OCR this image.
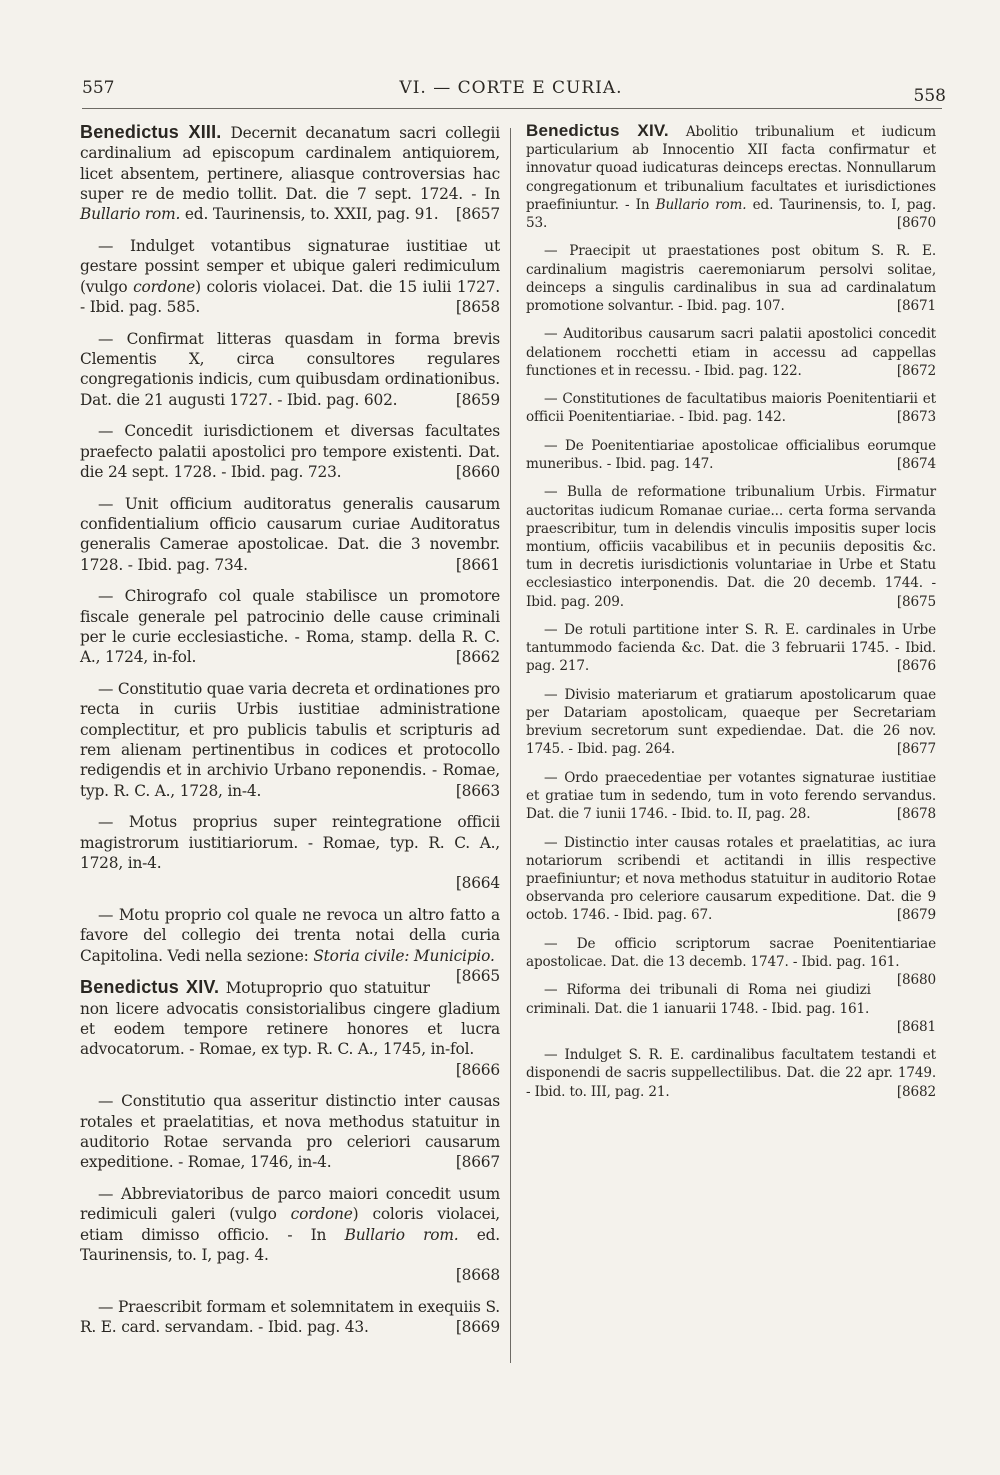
557	VI. — CORTE E CURIA.	558

Benedictus XIII. Decernit decanatum sacri collegii cardinalium ad episcopum cardinalem antiquiorem, licet absentem, pertinere, aliasque controversias hac super re de medio tollit. Dat. die 7 sept. 1724. - In Bullario rom. ed. Taurinensis, to. XXII, pag. 91. [8657

— Indulget votantibus signaturae iustitiae ut gestare possint semper et ubique galeri redimiculum (vulgo cordone) coloris violacei. Dat. die 15 iulii 1727. - Ibid. pag. 585.	[8658

— Confirmat litteras quasdam in forma brevis Clementis X, circa consultores regulares congregationis indicis, cum quibusdam ordinationibus. Dat. die 21 augusti 1727. - Ibid. pag. 602.	[8659

— Concedit iurisdictionem et diversas facultates praefecto palatii apostolici pro tempore existenti. Dat. die 24 sept. 1728. - Ibid. pag. 723.	[8660

— Unit officium auditoratus generalis causarum confidentialium officio causarum curiae Auditoratus generalis Camerae apostolicae. Dat. die 3 novembr. 1728. - Ibid. pag. 734.	[8661

— Chirografo col quale stabilisce un promotore fiscale generale pel patrocinio delle cause criminali per le curie ecclesiastiche. - Roma, stamp. della R. C. A., 1724, in-fol.	[8662

— Constitutio quae varia decreta et ordinationes pro recta in curiis Urbis iustitiae administratione complectitur, et pro publicis tabulis et scripturis ad rem alienam pertinentibus in codices et protocollo redigendis et in archivio Urbano reponendis. - Romae, typ. R. C. A., 1728, in-4.	[8663

— Motus proprius super reintegratione officii magistrorum iustitiariorum. - Romae, typ. R. C. A., 1728, in-4.
[8664

— Motu proprio col quale ne revoca un altro fatto a favore del collegio dei trenta notai della curia Capitolina. Vedi nella sezione: Storia civile: Municipio.
[8665

Benedictus XIV. Motuproprio quo statuitur non licere advocatis consistorialibus cingere gladium et eodem tempore retinere honores et lucra advocatorum. - Romae, ex typ. R. C. A., 1745, in-fol.
[8666

— Constitutio qua asseritur distinctio inter causas rotales et praelatitias, et nova methodus statuitur in auditorio Rotae servanda pro celeriori causarum expeditione. - Romae, 1746, in-4.	[8667

— Abbreviatoribus de parco maiori concedit usum redimiculi galeri (vulgo cordone) coloris violacei, etiam dimisso officio. - In Bullario rom. ed. Taurinensis, to. I, pag. 4.
[8668

— Praescribit formam et solemnitatem in exequiis S. R. E. card. servandam. - Ibid. pag. 43.	[8669

Benedictus XIV. Abolitio tribunalium et iudicum particularium ab Innocentio XII facta confirmatur et innovatur quoad iudicaturas deinceps erectas. Nonnullarum congregationum et tribunalium facultates et iurisdictiones praefiniuntur. - In Bullario rom. ed. Taurinensis, to. I, pag. 53.	[8670

— Praecipit ut praestationes post obitum S. R. E. cardinalium magistris caeremoniarum persolvi solitae, deinceps a singulis cardinalibus in sua ad cardinalatum promotione solvantur. - Ibid. pag. 107.	[8671

— Auditoribus causarum sacri palatii apostolici concedit delationem rocchetti etiam in accessu ad cappellas functiones et in recessu. - Ibid. pag. 122.	[8672

— Constitutiones de facultatibus maioris Poenitentiarii et officii Poenitentiariae. - Ibid. pag. 142.	[8673

— De Poenitentiariae apostolicae officialibus eorumque muneribus. - Ibid. pag. 147.	[8674

— Bulla de reformatione tribunalium Urbis. Firmatur auctoritas iudicum Romanae curiae... certa forma servanda praescribitur, tum in delendis vinculis impositis super locis montium, officiis vacabilibus et in pecuniis depositis &c. tum in decretis iurisdictionis voluntariae in Urbe et Statu ecclesiastico interponendis. Dat. die 20 decemb. 1744. - Ibid. pag. 209.	[8675

— De rotuli partitione inter S. R. E. cardinales in Urbe tantummodo facienda &c. Dat. die 3 februarii 1745. - Ibid. pag. 217.	[8676

— Divisio materiarum et gratiarum apostolicarum quae per Datariam apostolicam, quaeque per Secretariam brevium secretorum sunt expediendae. Dat. die 26 nov. 1745. - Ibid. pag. 264.	[8677

— Ordo praecedentiae per votantes signaturae iustitiae et gratiae tum in sedendo, tum in voto ferendo servandus. Dat. die 7 iunii 1746. - Ibid. to. II, pag. 28.	[8678

— Distinctio inter causas rotales et praelatitias, ac iura notariorum scribendi et actitandi in illis respective praefiniuntur; et nova methodus statuitur in auditorio Rotae observanda pro celeriore causarum expeditione. Dat. die 9 octob. 1746. - Ibid. pag. 67.	[8679

— De officio scriptorum sacrae Poenitentiariae apostolicae. Dat. die 13 decemb. 1747. - Ibid. pag. 161.
[8680

— Riforma dei tribunali di Roma nei giudizi criminali. Dat. die 1 ianuarii 1748. - Ibid. pag. 161.
[8681

— Indulget S. R. E. cardinalibus facultatem testandi et disponendi de sacris suppellectilibus. Dat. die 22 apr. 1749. - Ibid. to. III, pag. 21.	[8682
